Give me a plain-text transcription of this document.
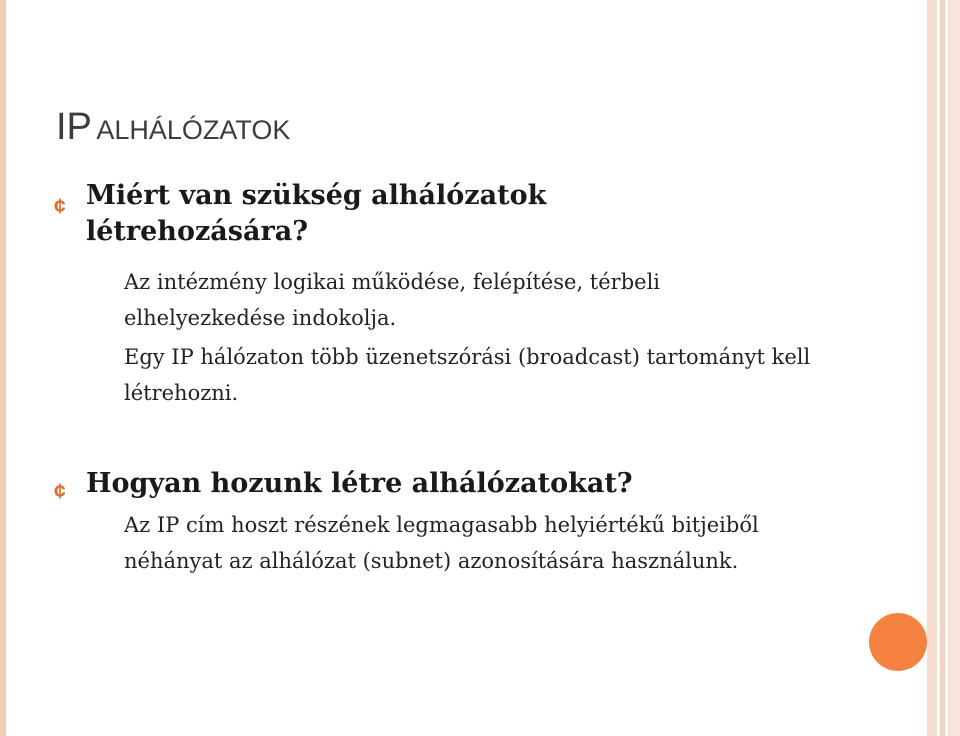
IP ALHÁLÓZATOK
¢ Miért van szükség alhálózatok létrehozására?

Az intézmény logikai működése, felépítése, térbeli elhelyezkedése indokolja.

Egy IP hálózaton több üzenetszórási (broadcast) tartományt kell létrehozni.

¢ Hogyan hozunk létre alhálózatokat?

Az IP cím hoszt részének legmagasabb helyiértékű bitjeiből néhányat az alhálózat (subnet) azonosítására használunk.
